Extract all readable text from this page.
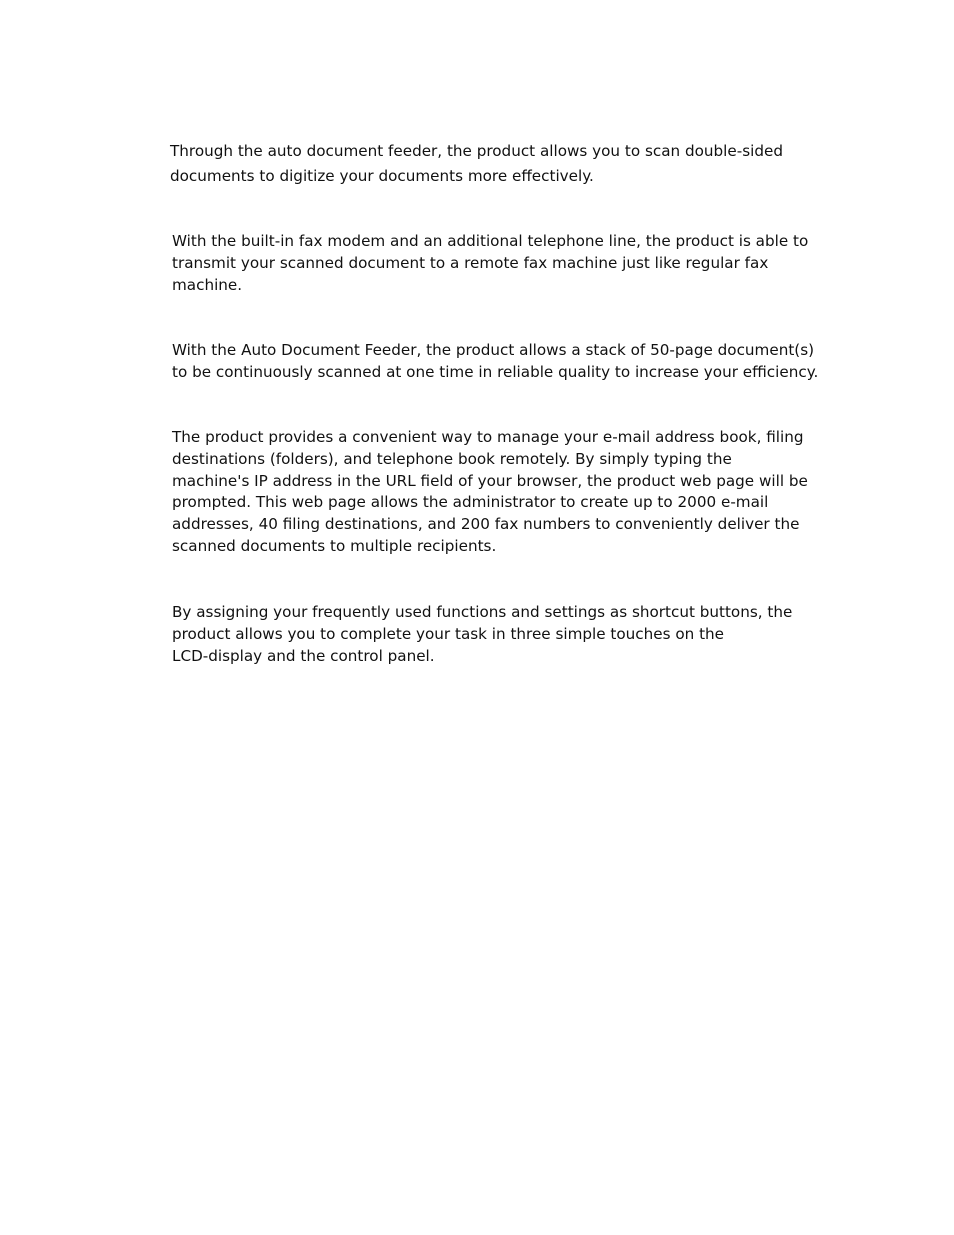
Through the auto document feeder, the product allows you to scan double-sided
documents to digitize your documents more effectively.

With the built-in fax modem and an additional telephone line, the product is able to
transmit your scanned document to a remote fax machine just like regular fax
machine.

With the Auto Document Feeder, the product allows a stack of 50-page document(s)
to be continuously scanned at one time in reliable quality to increase your efficiency.

The product provides a convenient way to manage your e-mail address book, filing
destinations (folders), and telephone book remotely. By simply typing the
machine's IP address in the URL field of your browser, the product web page will be
prompted. This web page allows the administrator to create up to 2000 e-mail
addresses, 40 filing destinations, and 200 fax numbers to conveniently deliver the
scanned documents to multiple recipients.

By assigning your frequently used functions and settings as shortcut buttons, the
product allows you to complete your task in three simple touches on the
LCD-display and the control panel.
